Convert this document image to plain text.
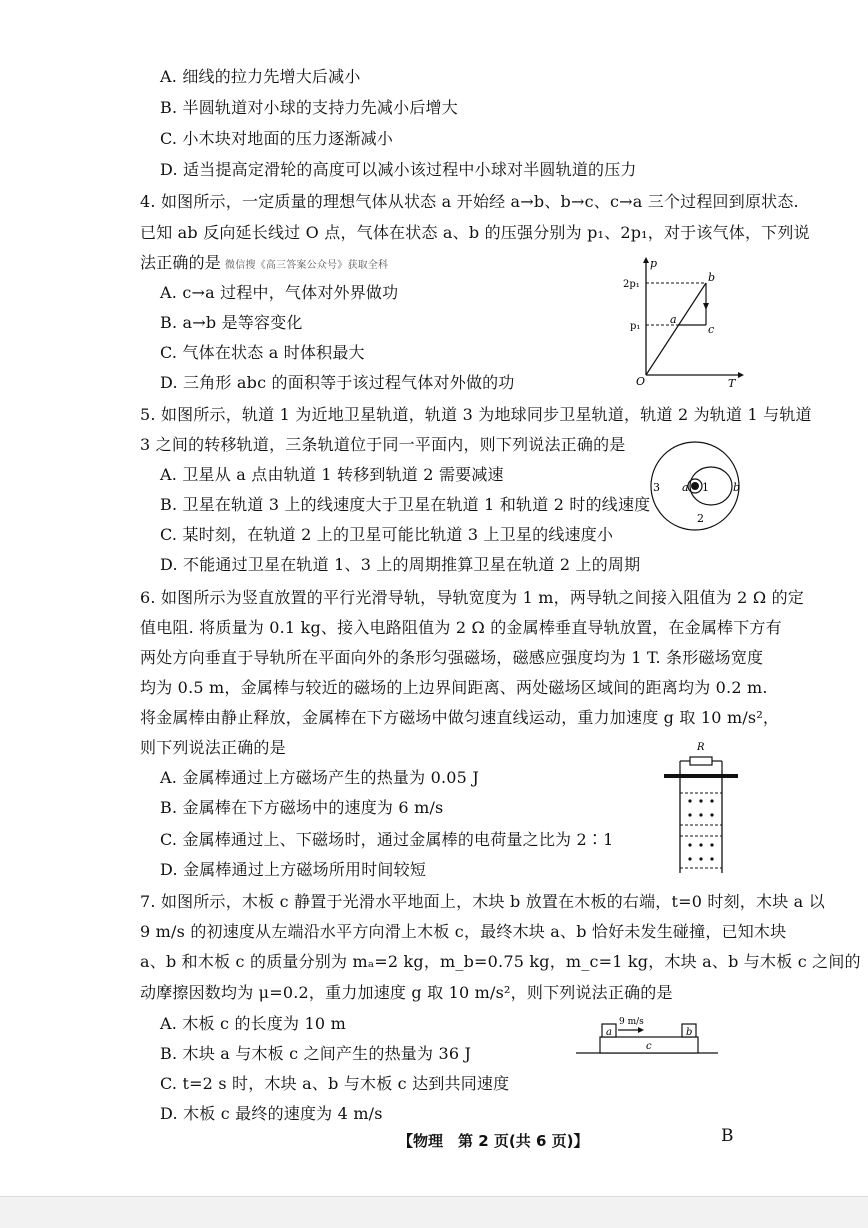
A. 细线的拉力先增大后减小
B. 半圆轨道对小球的支持力先减小后增大
C. 小木块对地面的压力逐渐减小
D. 适当提高定滑轮的高度可以减小该过程中小球对半圆轨道的压力
4. 如图所示，一定质量的理想气体从状态 a 开始经 a→b、b→c、c→a 三个过程回到原状态.
已知 ab 反向延长线过 O 点，气体在状态 a、b 的压强分别为 p₁、2p₁，对于该气体，下列说
法正确的是 微信搜《高三答案公众号》获取全科
A. c→a 过程中，气体对外界做功
B. a→b 是等容变化
C. 气体在状态 a 时体积最大
D. 三角形 abc 的面积等于该过程气体对外做的功
2p₁
p₁
p
T
O
b
c
a
5. 如图所示，轨道 1 为近地卫星轨道，轨道 3 为地球同步卫星轨道，轨道 2 为轨道 1 与轨道
3 之间的转移轨道，三条轨道位于同一平面内，则下列说法正确的是
A. 卫星从 a 点由轨道 1 转移到轨道 2 需要减速
B. 卫星在轨道 3 上的线速度大于卫星在轨道 1 和轨道 2 时的线速度
C. 某时刻，在轨道 2 上的卫星可能比轨道 3 上卫星的线速度小
D. 不能通过卫星在轨道 1、3 上的周期推算卫星在轨道 2 上的周期
3 a 1 b
2
6. 如图所示为竖直放置的平行光滑导轨，导轨宽度为 1 m，两导轨之间接入阻值为 2 Ω 的定
值电阻. 将质量为 0.1 kg、接入电路阻值为 2 Ω 的金属棒垂直导轨放置，在金属棒下方有
两处方向垂直于导轨所在平面向外的条形匀强磁场，磁感应强度均为 1 T. 条形磁场宽度
均为 0.5 m，金属棒与较近的磁场的上边界间距离、两处磁场区域间的距离均为 0.2 m.
将金属棒由静止释放，金属棒在下方磁场中做匀速直线运动，重力加速度 g 取 10 m/s²，
则下列说法正确的是
A. 金属棒通过上方磁场产生的热量为 0.05 J
B. 金属棒在下方磁场中的速度为 6 m/s
C. 金属棒通过上、下磁场时，通过金属棒的电荷量之比为 2∶1
D. 金属棒通过上方磁场所用时间较短
R
7. 如图所示，木板 c 静置于光滑水平地面上，木块 b 放置在木板的右端，t=0 时刻，木块 a 以
9 m/s 的初速度从左端沿水平方向滑上木板 c，最终木块 a、b 恰好未发生碰撞，已知木块
a、b 和木板 c 的质量分别为 mₐ=2 kg，m_b=0.75 kg，m_c=1 kg，木块 a、b 与木板 c 之间的
动摩擦因数均为 μ=0.2，重力加速度 g 取 10 m/s²，则下列说法正确的是
A. 木板 c 的长度为 10 m
B. 木块 a 与木板 c 之间产生的热量为 36 J
C. t=2 s 时，木块 a、b 与木板 c 达到共同速度
D. 木板 c 最终的速度为 4 m/s
9 m/s
a	b
c
【物理　第 2 页(共 6 页)】	B
